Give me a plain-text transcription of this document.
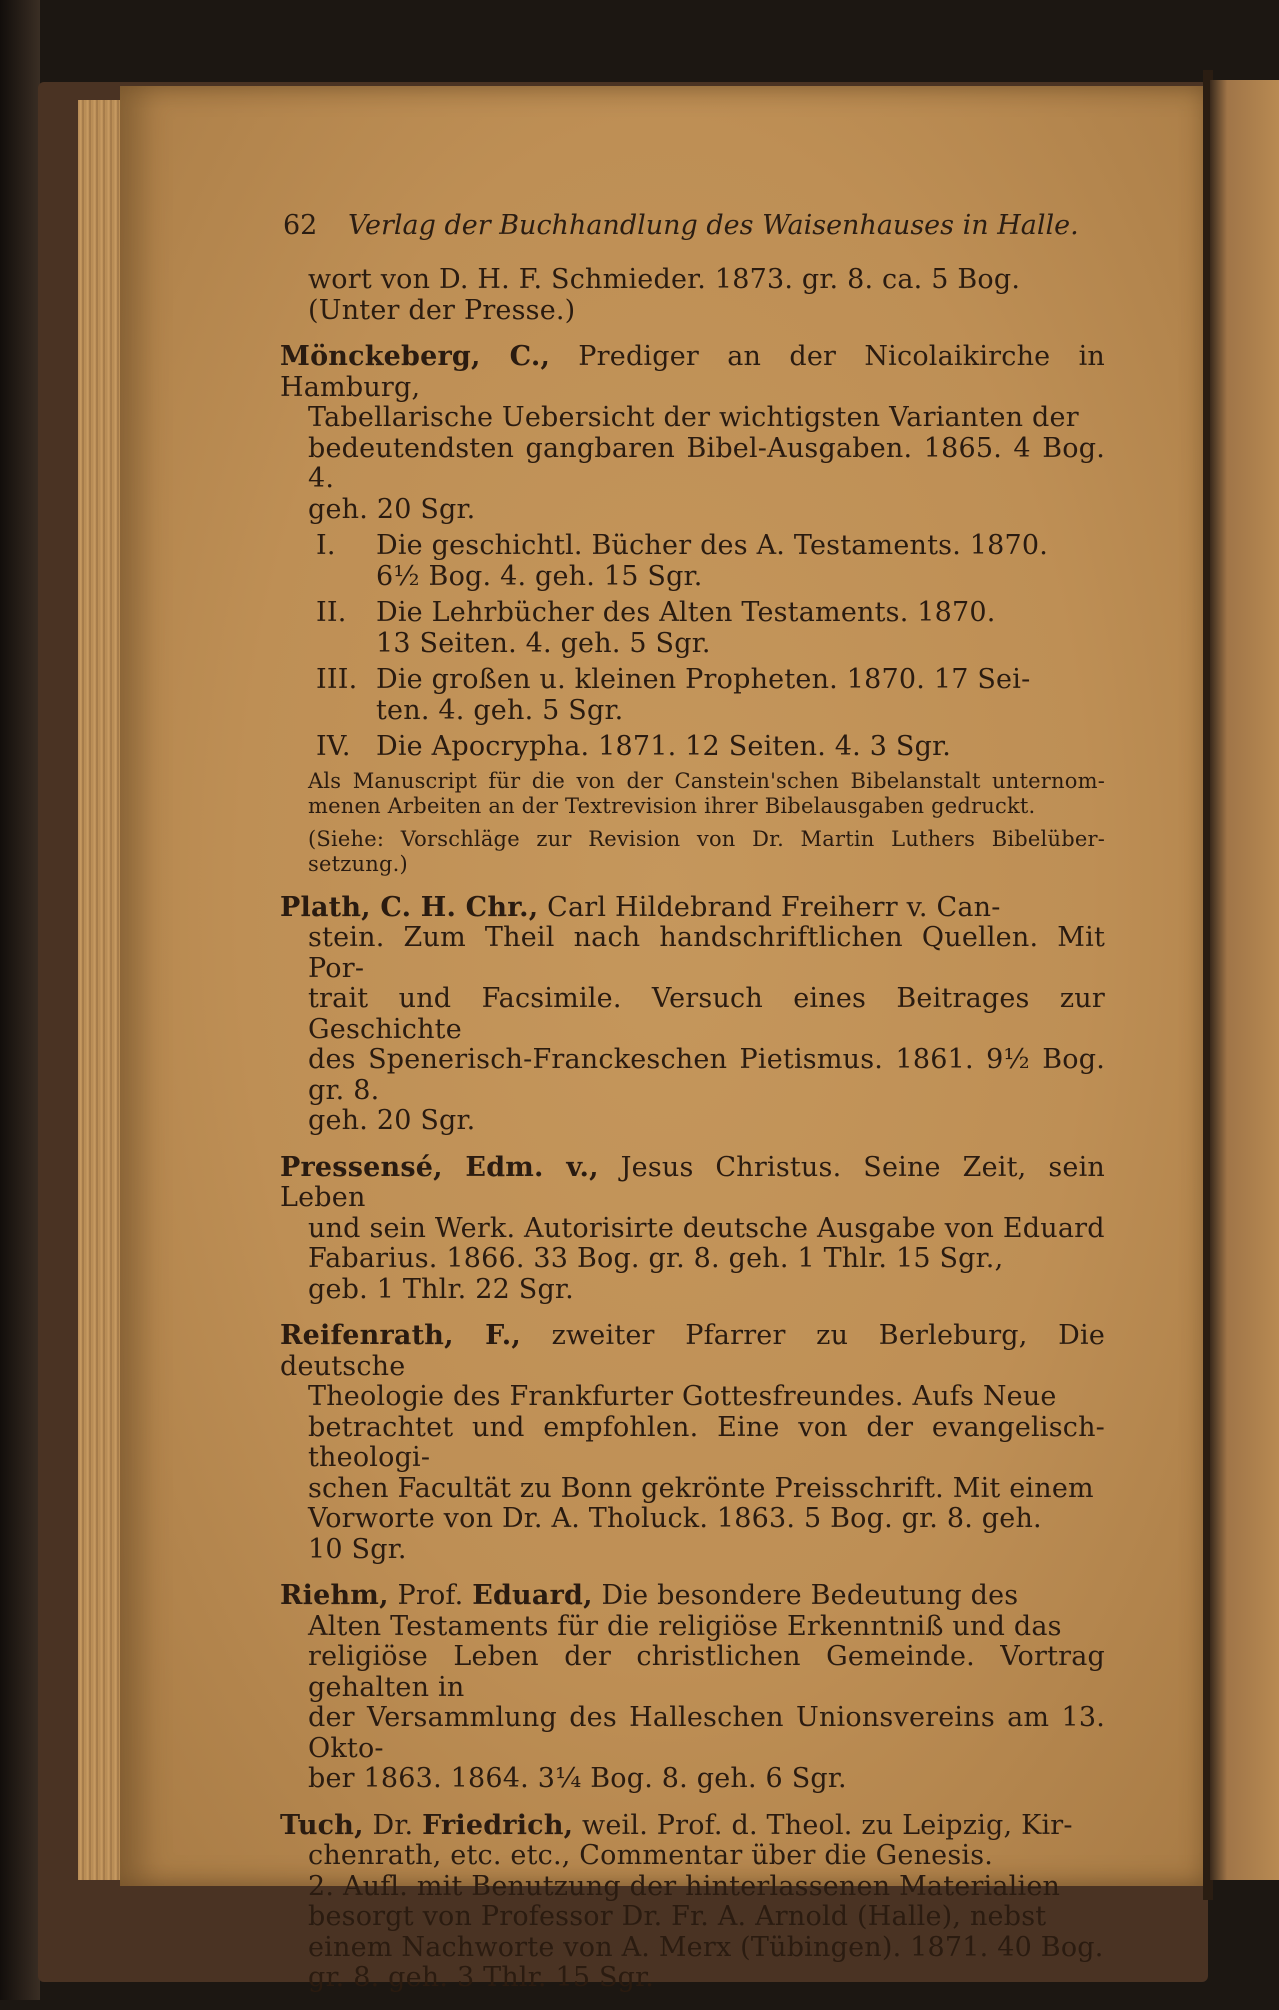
62 Verlag der Buchhandlung des Waisenhauses in Halle.
wort von D. H. F. Schmieder. 1873. gr. 8. ca. 5 Bog.
(Unter der Presse.)
Mönckeberg, C., Prediger an der Nicolaikirche in Hamburg,
Tabellarische Uebersicht der wichtigsten Varianten der
bedeutendsten gangbaren Bibel-Ausgaben. 1865. 4 Bog. 4.
geh. 20 Sgr.
I.	Die geschichtl. Bücher des A. Testaments. 1870.
6½ Bog. 4. geh. 15 Sgr.
II.	Die Lehrbücher des Alten Testaments. 1870.
13 Seiten. 4. geh. 5 Sgr.
III. Die großen u. kleinen Propheten. 1870. 17 Sei-
ten. 4. geh. 5 Sgr.
IV. Die Apocrypha. 1871. 12 Seiten. 4. 3 Sgr.
Als Manuscript für die von der Canstein'schen Bibelanstalt unternom-menen Arbeiten an der Textrevision ihrer Bibelausgaben gedruckt.
(Siehe: Vorschläge zur Revision von Dr. Martin Luthers Bibelüber-setzung.)
Plath, C. H. Chr., Carl Hildebrand Freiherr v. Can-
stein. Zum Theil nach handschriftlichen Quellen. Mit Por-
trait und Facsimile. Versuch eines Beitrages zur Geschichte
des Spenerisch-Franckeschen Pietismus. 1861. 9½ Bog. gr. 8.
geh. 20 Sgr.
Pressensé, Edm. v., Jesus Christus. Seine Zeit, sein Leben
und sein Werk. Autorisirte deutsche Ausgabe von Eduard
Fabarius. 1866. 33 Bog. gr. 8. geh. 1 Thlr. 15 Sgr.,
geb. 1 Thlr. 22 Sgr.
Reifenrath, F., zweiter Pfarrer zu Berleburg, Die deutsche
Theologie des Frankfurter Gottesfreundes. Aufs Neue
betrachtet und empfohlen. Eine von der evangelisch-theologi-
schen Facultät zu Bonn gekrönte Preisschrift. Mit einem
Vorworte von Dr. A. Tholuck. 1863. 5 Bog. gr. 8. geh.
10 Sgr.
Riehm, Prof. Eduard, Die besondere Bedeutung des
Alten Testaments für die religiöse Erkenntniß und das
religiöse Leben der christlichen Gemeinde. Vortrag gehalten in
der Versammlung des Halleschen Unionsvereins am 13. Okto-
ber 1863. 1864. 3¼ Bog. 8. geh. 6 Sgr.
Tuch, Dr. Friedrich, weil. Prof. d. Theol. zu Leipzig, Kir-
chenrath, etc. etc., Commentar über die Genesis.
2. Aufl. mit Benutzung der hinterlassenen Materialien
besorgt von Professor Dr. Fr. A. Arnold (Halle), nebst
einem Nachworte von A. Merx (Tübingen). 1871. 40 Bog.
gr. 8. geh. 3 Thlr. 15 Sgr.
